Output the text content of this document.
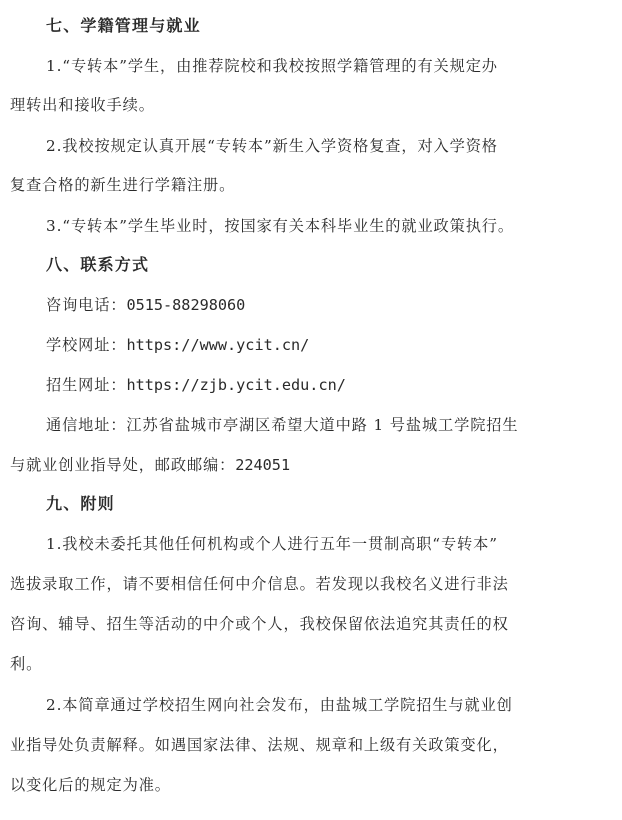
七、学籍管理与就业

1.“专转本”学生，由推荐院校和我校按照学籍管理的有关规定办

理转出和接收手续。

2.我校按规定认真开展“专转本”新生入学资格复查，对入学资格

复查合格的新生进行学籍注册。

3.“专转本”学生毕业时，按国家有关本科毕业生的就业政策执行。

八、联系方式

咨询电话：0515-88298060

学校网址：https://www.ycit.cn/

招生网址：https://zjb.ycit.edu.cn/

通信地址：江苏省盐城市亭湖区希望大道中路 1 号盐城工学院招生

与就业创业指导处，邮政邮编：224051

九、附则

1.我校未委托其他任何机构或个人进行五年一贯制高职“专转本”

选拔录取工作，请不要相信任何中介信息。若发现以我校名义进行非法

咨询、辅导、招生等活动的中介或个人，我校保留依法追究其责任的权

利。

2.本简章通过学校招生网向社会发布，由盐城工学院招生与就业创

业指导处负责解释。如遇国家法律、法规、规章和上级有关政策变化，

以变化后的规定为准。
